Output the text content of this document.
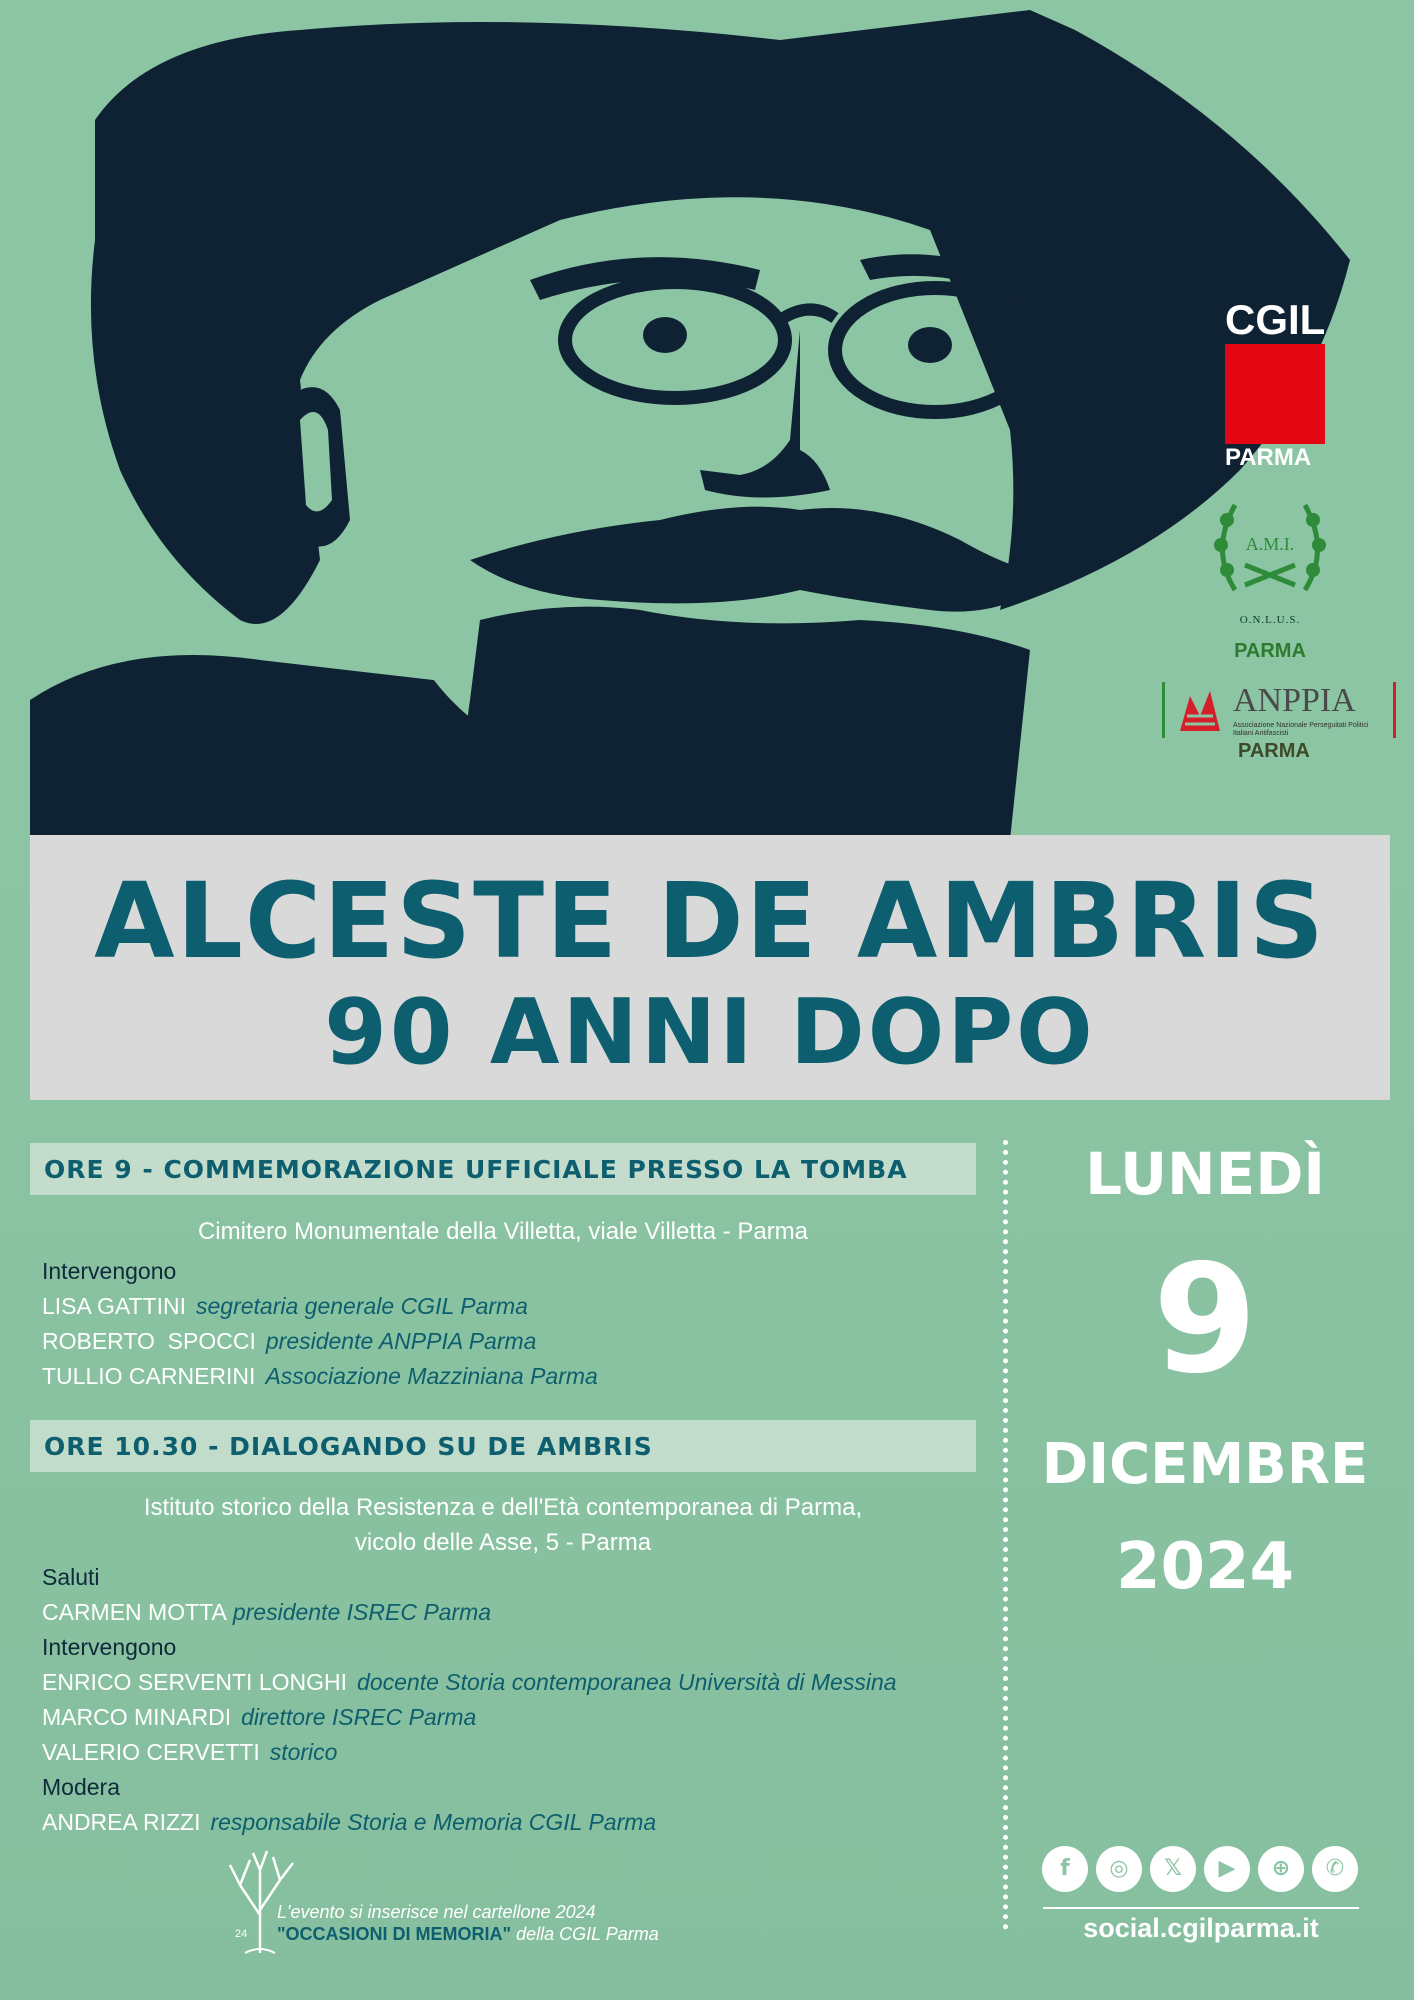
CGIL
PARMA
A.M.I.
O.N.L.U.S.
PARMA
ANPPIA
Associazione Nazionale Perseguitati Politici Italiani Antifascisti
PARMA
ALCESTE DE AMBRIS
90 ANNI DOPO
ORE 9 - COMMEMORAZIONE UFFICIALE PRESSO LA TOMBA
Cimitero Monumentale della Villetta, viale Villetta - Parma
Intervengono
LISA GATTINI segretaria generale CGIL Parma
ROBERTO  SPOCCI presidente ANPPIA Parma
TULLIO CARNERINI Associazione Mazziniana Parma
ORE 10.30 - DIALOGANDO SU DE AMBRIS
Istituto storico della Resistenza e dell'Età contemporanea di Parma,
vicolo delle Asse, 5 - Parma
Saluti
CARMEN MOTTA presidente ISREC Parma
Intervengono
ENRICO SERVENTI LONGHI docente Storia contemporanea Università di Messina
MARCO MINARDI direttore ISREC Parma
VALERIO CERVETTI storico
Modera
ANDREA RIZZI responsabile Storia e Memoria CGIL Parma
LUNEDÌ
9
DICEMBRE
2024
f	◎	𝕏	▶	⊕	✆
social.cgilparma.it
24
L'evento si inserisce nel cartellone 2024
"OCCASIONI DI MEMORIA" della CGIL Parma
